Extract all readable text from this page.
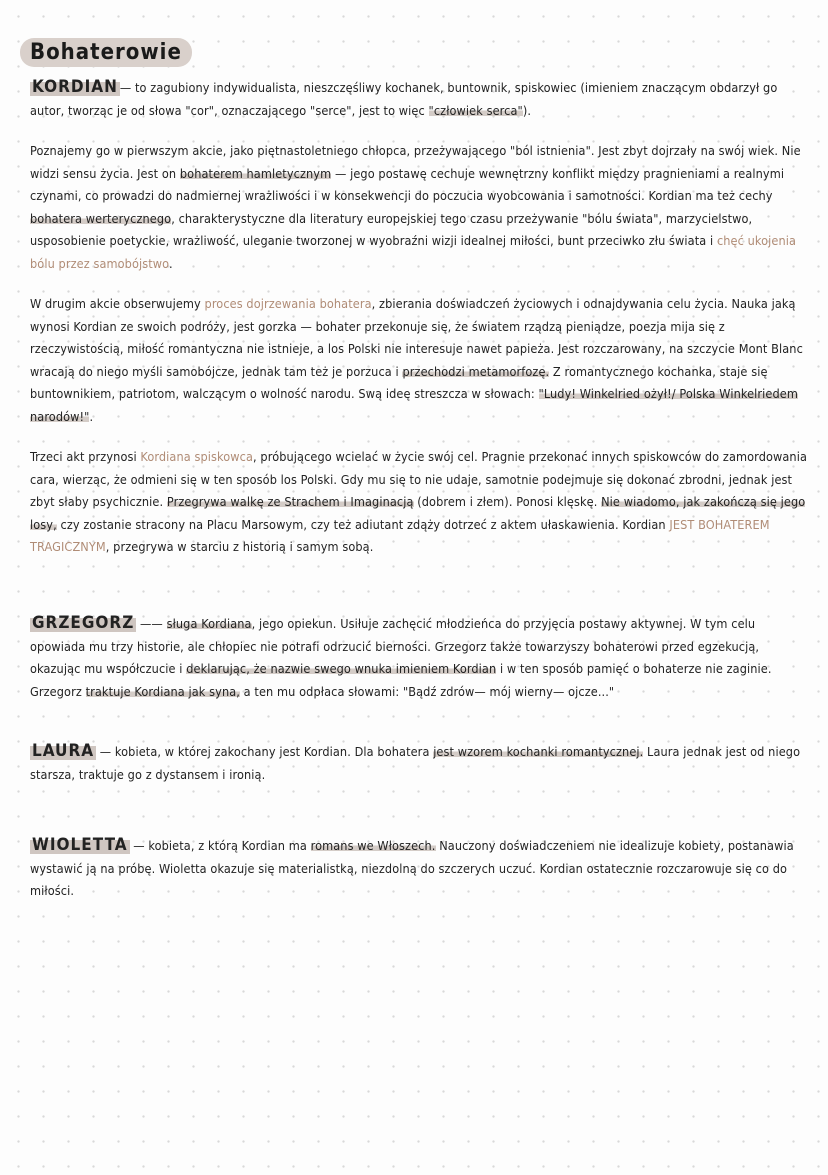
Bohaterowie

KORDIAN — to zagubiony indywidualista, nieszczęśliwy kochanek, buntownik, spiskowiec (imieniem znaczącym obdarzył go autor, tworząc je od słowa "cor", oznaczającego "serce", jest to więc "człowiek serca").

Poznajemy go w pierwszym akcie, jako piętnastoletniego chłopca, przeżywającego "ból istnienia". Jest zbyt dojrzały na swój wiek. Nie widzi sensu życia. Jest on bohaterem hamletycznym — jego postawę cechuje wewnętrzny konflikt między pragnieniami a realnymi czynami, co prowadzi do nadmiernej wrażliwości i w konsekwencji do poczucia wyobcowania i samotności. Kordian ma też cechy bohatera werterycznego, charakterystyczne dla literatury europejskiej tego czasu przeżywanie "bólu świata", marzycielstwo, usposobienie poetyckie, wrażliwość, uleganie tworzonej w wyobraźni wizji idealnej miłości, bunt przeciwko złu świata i chęć ukojenia bólu przez samobójstwo.

W drugim akcie obserwujemy proces dojrzewania bohatera, zbierania doświadczeń życiowych i odnajdywania celu życia. Nauka jaką wynosi Kordian ze swoich podróży, jest gorzka — bohater przekonuje się, że światem rządzą pieniądze, poezja mija się z rzeczywistością, miłość romantyczna nie istnieje, a los Polski nie interesuje nawet papieża. Jest rozczarowany, na szczycie Mont Blanc wracają do niego myśli samobójcze, jednak tam też je porzuca i przechodzi metamorfozę. Z romantycznego kochanka, staje się buntownikiem, patriotom, walczącym o wolność narodu. Swą ideę streszcza w słowach: "Ludy! Winkelried ożył!/ Polska Winkelriedem narodów!".

Trzeci akt przynosi Kordiana spiskowca, próbującego wcielać w życie swój cel. Pragnie przekonać innych spiskowców do zamordowania cara, wierząc, że odmieni się w ten sposób los Polski. Gdy mu się to nie udaje, samotnie podejmuje się dokonać zbrodni, jednak jest zbyt słaby psychicznie. Przegrywa walkę ze Strachem i Imaginacją (dobrem i złem). Ponosi klęskę. Nie wiadomo, jak zakończą się jego losy, czy zostanie stracony na Placu Marsowym, czy też adiutant zdąży dotrzeć z aktem ułaskawienia. Kordian JEST BOHATEREM TRAGICZNYM, przegrywa w starciu z historią i samym sobą.

GRZEGORZ —— sługa Kordiana, jego opiekun. Usiłuje zachęcić młodzieńca do przyjęcia postawy aktywnej. W tym celu opowiada mu trzy historie, ale chłopiec nie potrafi odrzucić bierności. Grzegorz także towarzyszy bohaterowi przed egzekucją, okazując mu współczucie i deklarując, że nazwie swego wnuka imieniem Kordian i w ten sposób pamięć o bohaterze nie zaginie. Grzegorz traktuje Kordiana jak syna, a ten mu odpłaca słowami: "Bądź zdrów— mój wierny— ojcze..."

LAURA — kobieta, w której zakochany jest Kordian. Dla bohatera jest wzorem kochanki romantycznej. Laura jednak jest od niego starsza, traktuje go z dystansem i ironią.

WIOLETTA — kobieta, z którą Kordian ma romans we Włoszech. Nauczony doświadczeniem nie idealizuje kobiety, postanawia wystawić ją na próbę. Wioletta okazuje się materialistką, niezdolną do szczerych uczuć. Kordian ostatecznie rozczarowuje się co do miłości.
